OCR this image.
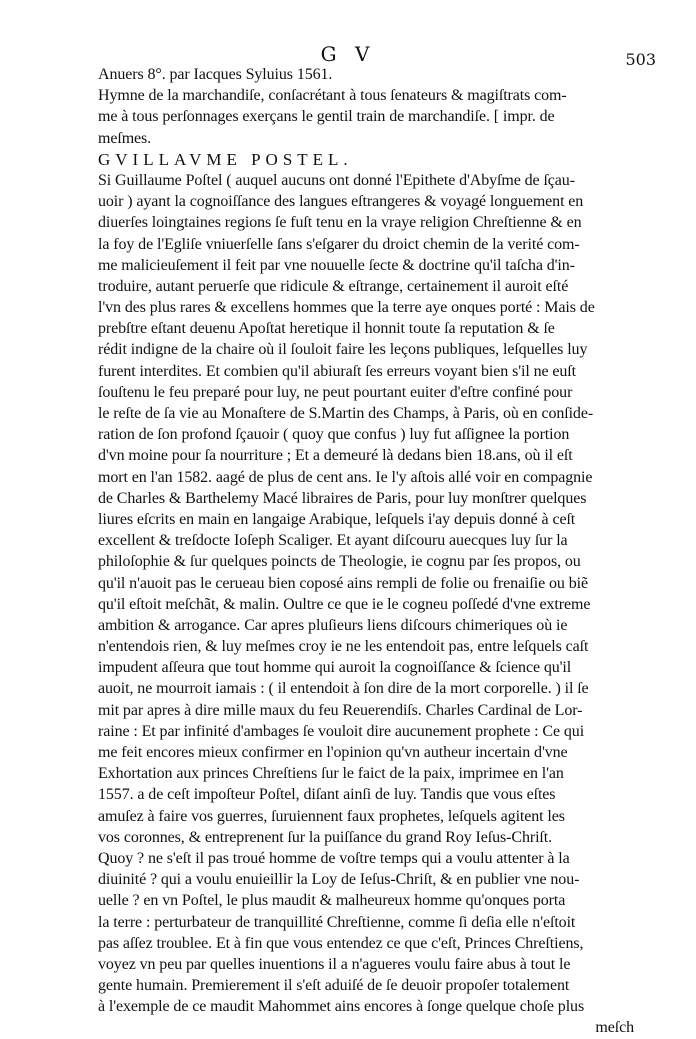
G V	503
Anuers 8°. par Iacques Syluius 1561.
Hymne de la marchandiſe, conſacrétant à tous ſenateurs & magiſtrats com-
me à tous perſonnages exerçans le gentil train de marchandiſe. [ impr. de
meſmes.
GVILLAVME POSTEL.
Si Guillaume Poſtel ( auquel aucuns ont donné l'Epithete d'Abyſme de ſçau-
uoir ) ayant la cognoiſſance des langues eſtrangeres & voyagé longuement en
diuerſes loingtaines regions ſe fuſt tenu en la vraye religion Chreſtienne & en
la foy de l'Egliſe vniuerſelle ſans s'eſgarer du droict chemin de la verité com-
me malicieuſement il feit par vne nouuelle ſecte & doctrine qu'il taſcha d'in-
troduire, autant peruerſe que ridicule & eſtrange, certainement il auroit eſté
l'vn des plus rares & excellens hommes que la terre aye onques porté : Mais de
prebſtre eſtant deuenu Apoſtat heretique il honnit toute ſa reputation & ſe
rédit indigne de la chaire où il ſouloit faire les leçons publiques, leſquelles luy
furent interdites. Et combien qu'il abiuraſt ſes erreurs voyant bien s'il ne euſt
ſouſtenu le feu preparé pour luy, ne peut pourtant euiter d'eſtre confiné pour
le reſte de ſa vie au Monaſtere de S.Martin des Champs, à Paris, où en conſide-
ration de ſon profond ſçauoir ( quoy que confus ) luy fut aſſignee la portion
d'vn moine pour ſa nourriture ; Et a demeuré là dedans bien 18.ans, où il eſt
mort en l'an 1582. aagé de plus de cent ans. Ie l'y aſtois allé voir en compagnie
de Charles & Barthelemy Macé libraires de Paris, pour luy monſtrer quelques
liures eſcrits en main en langaige Arabique, leſquels i'ay depuis donné à ceſt
excellent & treſdocte Ioſeph Scaliger. Et ayant diſcouru auecques luy ſur la
philoſophie & ſur quelques poincts de Theologie, ie cognu par ſes propos, ou
qu'il n'auoit pas le cerueau bien coposé ains rempli de folie ou frenaiſie ou biẽ
qu'il eſtoit meſchãt, & malin. Oultre ce que ie le cogneu poſſedé d'vne extreme
ambition & arrogance. Car apres pluſieurs liens diſcours chimeriques où ie
n'entendois rien, & luy meſmes croy ie ne les entendoit pas, entre leſquels caſt
impudent aſſeura que tout homme qui auroit la cognoiſſance & ſcience qu'il
auoit, ne mourroit iamais : ( il entendoit à ſon dire de la mort corporelle. ) il ſe
mit par apres à dire mille maux du feu Reuerendiſs. Charles Cardinal de Lor-
raine : Et par infinité d'ambages ſe vouloit dire aucunement prophete : Ce qui
me feit encores mieux confirmer en l'opinion qu'vn autheur incertain d'vne
Exhortation aux princes Chreſtiens ſur le faict de la paix, imprimee en l'an
1557. a de ceſt impoſteur Poſtel, diſant ainſi de luy. Tandis que vous eſtes
amuſez à faire vos guerres, ſuruiennent faux prophetes, leſquels agitent les
vos coronnes, & entreprenent ſur la puiſſance du grand Roy Ieſus-Chriſt.
Quoy ? ne s'eſt il pas troué homme de voſtre temps qui a voulu attenter à la
diuinité ? qui a voulu enuieillir la Loy de Ieſus-Chriſt, & en publier vne nou-
uelle ? en vn Poſtel, le plus maudit & malheureux homme qu'onques porta
la terre : perturbateur de tranquillité Chreſtienne, comme ſi deſia elle n'eſtoit
pas aſſez troublee. Et à fin que vous entendez ce que c'eſt, Princes Chreſtiens,
voyez vn peu par quelles inuentions il a n'agueres voulu faire abus à tout le
gente humain. Premierement il s'eſt aduiſé de ſe deuoir propoſer totalement
à l'exemple de ce maudit Mahommet ains encores à ſonge quelque choſe plus
meſch
